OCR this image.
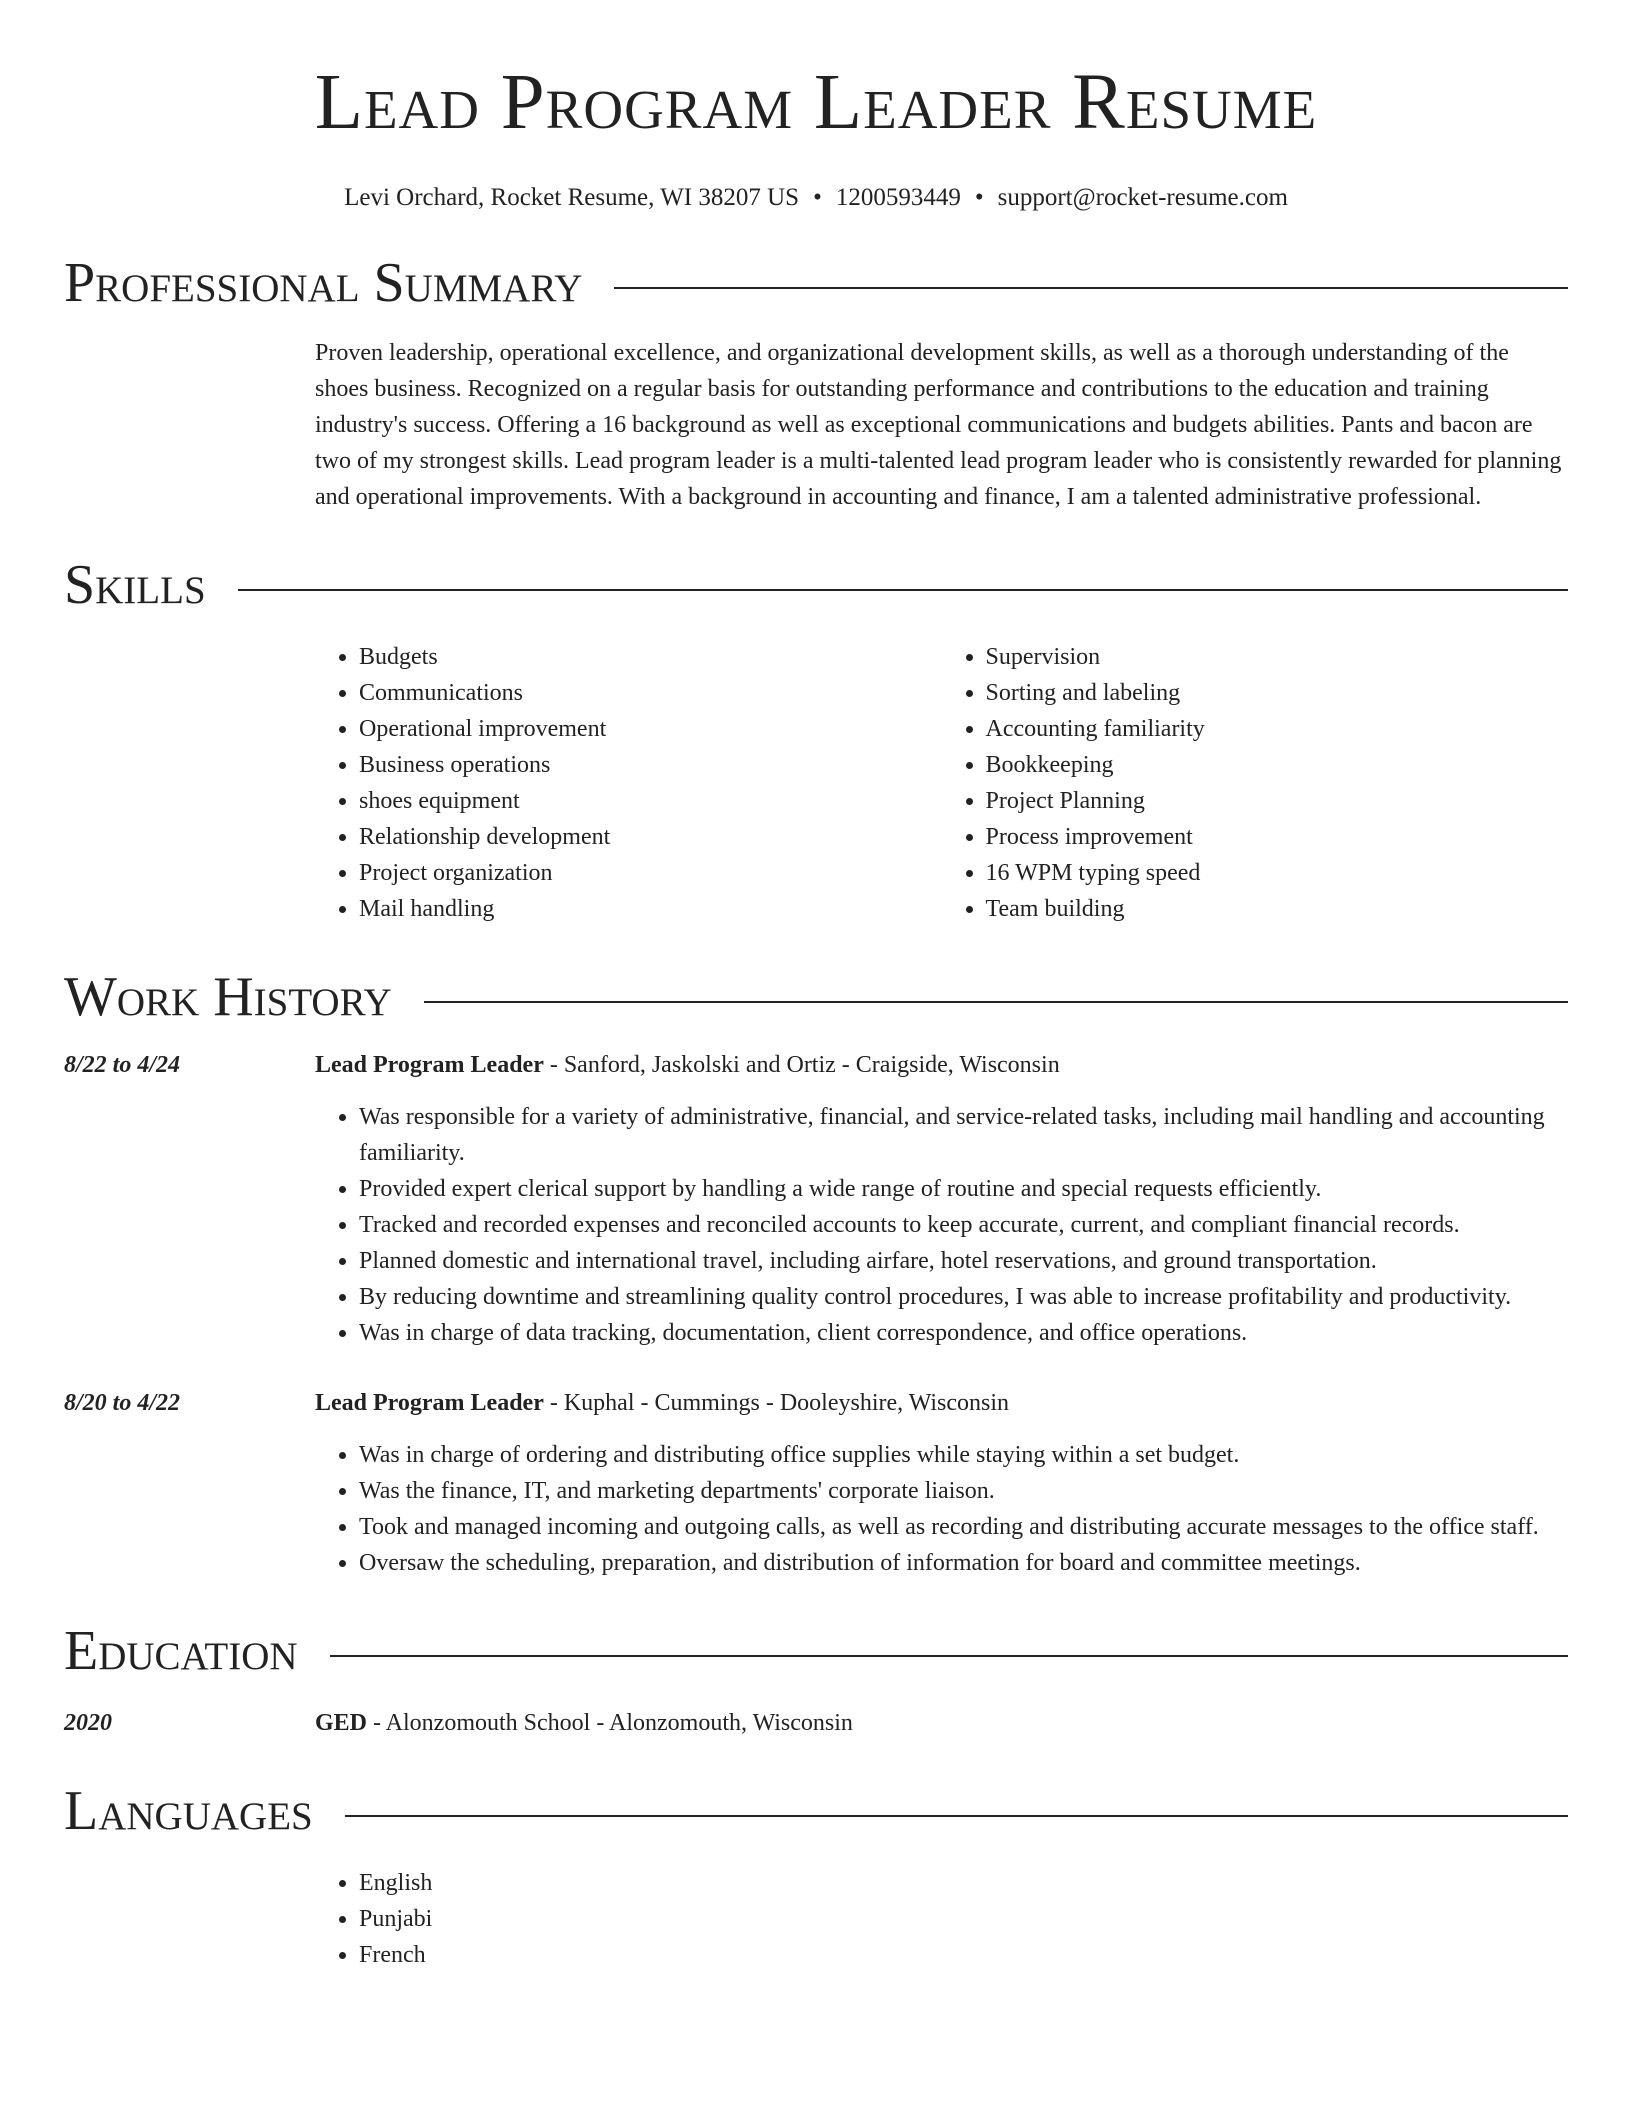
Lead Program Leader Resume
Levi Orchard, Rocket Resume, WI 38207 US • 1200593449 • support@rocket-resume.com
Professional Summary
Proven leadership, operational excellence, and organizational development skills, as well as a thorough understanding of the shoes business. Recognized on a regular basis for outstanding performance and contributions to the education and training industry's success. Offering a 16 background as well as exceptional communications and budgets abilities. Pants and bacon are two of my strongest skills. Lead program leader is a multi-talented lead program leader who is consistently rewarded for planning and operational improvements. With a background in accounting and finance, I am a talented administrative professional.
Skills
• Budgets
• Communications
• Operational improvement
• Business operations
• shoes equipment
• Relationship development
• Project organization
• Mail handling
• Supervision
• Sorting and labeling
• Accounting familiarity
• Bookkeeping
• Project Planning
• Process improvement
• 16 WPM typing speed
• Team building
Work History
8/22 to 4/24	Lead Program Leader - Sanford, Jaskolski and Ortiz - Craigside, Wisconsin
• Was responsible for a variety of administrative, financial, and service-related tasks, including mail handling and accounting familiarity.
• Provided expert clerical support by handling a wide range of routine and special requests efficiently.
• Tracked and recorded expenses and reconciled accounts to keep accurate, current, and compliant financial records.
• Planned domestic and international travel, including airfare, hotel reservations, and ground transportation.
• By reducing downtime and streamlining quality control procedures, I was able to increase profitability and productivity.
• Was in charge of data tracking, documentation, client correspondence, and office operations.
8/20 to 4/22	Lead Program Leader - Kuphal - Cummings - Dooleyshire, Wisconsin
• Was in charge of ordering and distributing office supplies while staying within a set budget.
• Was the finance, IT, and marketing departments' corporate liaison.
• Took and managed incoming and outgoing calls, as well as recording and distributing accurate messages to the office staff.
• Oversaw the scheduling, preparation, and distribution of information for board and committee meetings.
Education
2020	GED - Alonzomouth School - Alonzomouth, Wisconsin
Languages
• English
• Punjabi
• French
